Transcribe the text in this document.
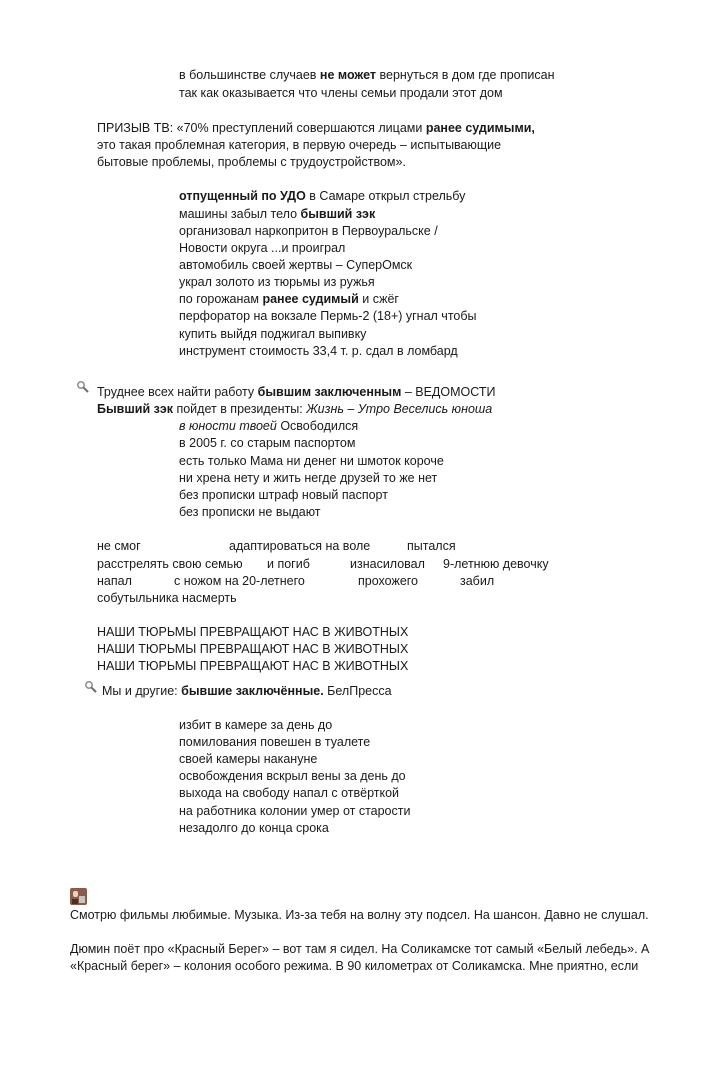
в большинстве случаев не может вернуться в дом где прописан
так как оказывается что члены семьи продали этот дом
ПРИЗЫВ ТВ: «70% преступлений совершаются лицами ранее судимыми,
это такая проблемная категория, в первую очередь – испытывающие
бытовые проблемы, проблемы с трудоустройством».
отпущенный по УДО в Самаре открыл стрельбу
машины забыл тело бывший зэк
организовал наркопритон в Первоуральске /
Новости округа ...и проиграл
автомобиль своей жертвы – СуперОмск
украл золото из тюрьмы из ружья
по горожанам ранее судимый и сжёг
перфоратор на вокзале Пермь-2 (18+) угнал чтобы
купить выйдя поджигал выпивку
инструмент стоимость 33,4 т. р. сдал в ломбард
Труднее всех найти работу бывшим заключенным – ВЕДОМОСТИ
Бывший зэк пойдет в президенты: Жизнь – Утро Веселись юноша
в юности твоей Освободился
в 2005 г. со старым паспортом
есть только Мама ни денег ни шмоток короче
ни хрена нету и жить негде друзей то же нет
без прописки штраф новый паспорт
без прописки не выдают
не смог	адаптироваться на воле	пытался
расстрелять свою семью и погиб	изнасиловал 9-летнюю девочку
напал	с ножом на 20-летнего	прохожего	забил
собутыльника насмерть
НАШИ ТЮРЬМЫ ПРЕВРАЩАЮТ НАС В ЖИВОТНЫХ
НАШИ ТЮРЬМЫ ПРЕВРАЩАЮТ НАС В ЖИВОТНЫХ
НАШИ ТЮРЬМЫ ПРЕВРАЩАЮТ НАС В ЖИВОТНЫХ
Мы и другие: бывшие заключённые. БелПресса
избит в камере за день до
помилования повешен в туалете
своей камеры накануне
освобождения вскрыл вены за день до
выхода на свободу напал с отвёрткой
на работника колонии умер от старости
незадолго до конца срока
Смотрю фильмы любимые. Музыка. Из-за тебя на волну эту подсел. На шансон. Давно не слушал.
Дюмин поёт про «Красный Берег» – вот там я сидел. На Соликамске тот самый «Белый лебедь». А
«Красный берег» – колония особого режима. В 90 километрах от Соликамска. Мне приятно, если
